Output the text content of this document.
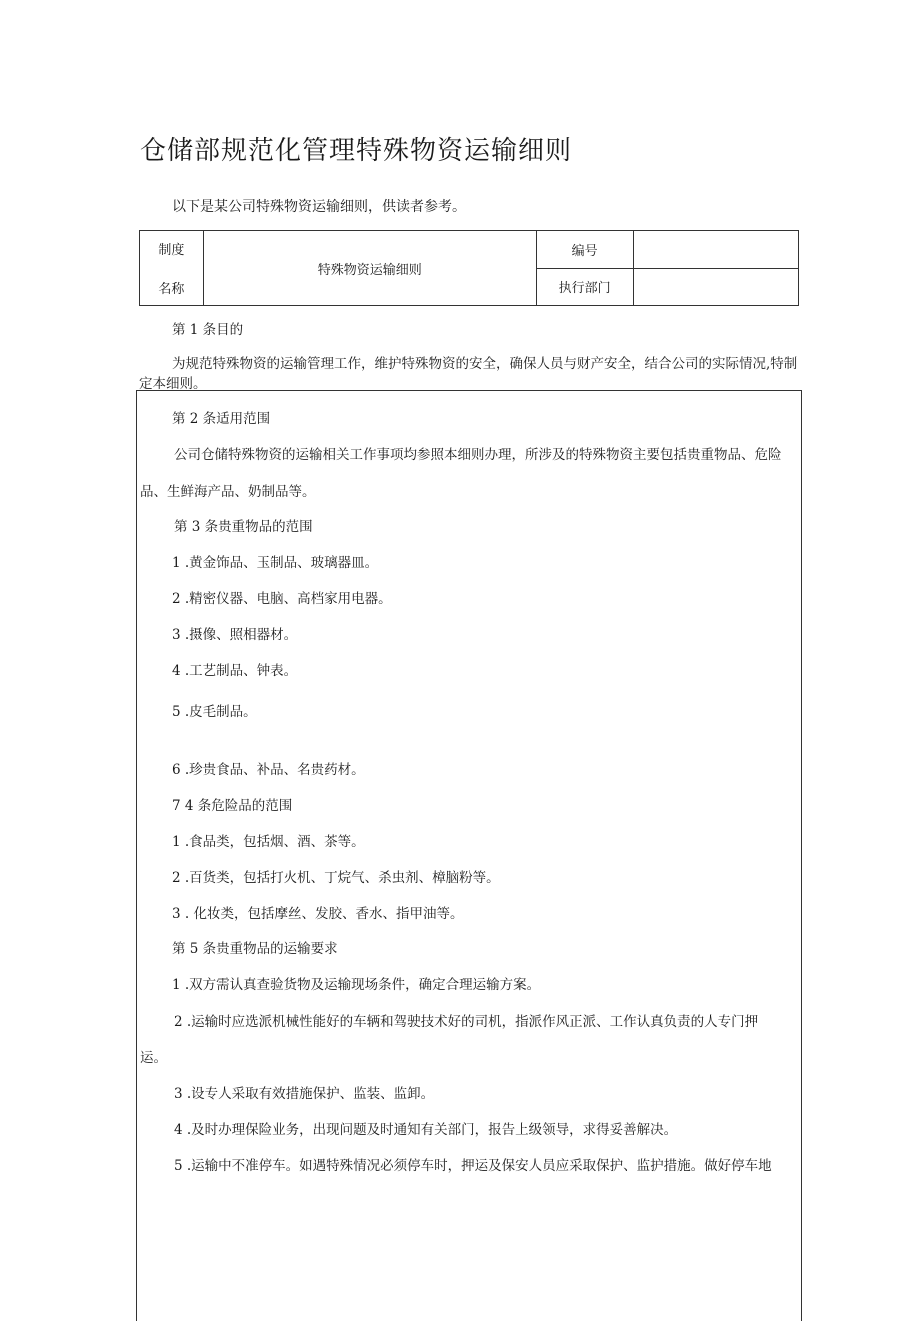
仓储部规范化管理特殊物资运输细则
以下是某公司特殊物资运输细则，供读者参考。
制度
名称	特殊物资运输细则	编号	
		执行部门	
第 1 条目的
为规范特殊物资的运输管理工作，维护特殊物资的安全，确保人员与财产安全，结合公司的实际情况,特制定本细则。
第 2 条适用范围
公司仓储特殊物资的运输相关工作事项均参照本细则办理，所涉及的特殊物资主要包括贵重物品、危险
品、生鲜海产品、奶制品等。
第 3 条贵重物品的范围
1 .黄金饰品、玉制品、玻璃器皿。
2 .精密仪器、电脑、高档家用电器。
3 .摄像、照相器材。
4 .工艺制品、钟表。
5 .皮毛制品。
6 .珍贵食品、补品、名贵药材。
7 4 条危险品的范围
1 .食品类，包括烟、酒、茶等。
2 .百货类，包括打火机、丁烷气、杀虫剂、樟脑粉等。
3 . 化妆类，包括摩丝、发胶、香水、指甲油等。
第 5 条贵重物品的运输要求
1 .双方需认真查验货物及运输现场条件，确定合理运输方案。
2 .运输时应选派机械性能好的车辆和驾驶技术好的司机，指派作风正派、工作认真负责的人专门押
运。
3 .设专人采取有效措施保护、监装、监卸。
4 .及时办理保险业务，出现问题及时通知有关部门，报告上级领导，求得妥善解决。
5 .运输中不准停车。如遇特殊情况必须停车时，押运及保安人员应采取保护、监护措施。做好停车地
